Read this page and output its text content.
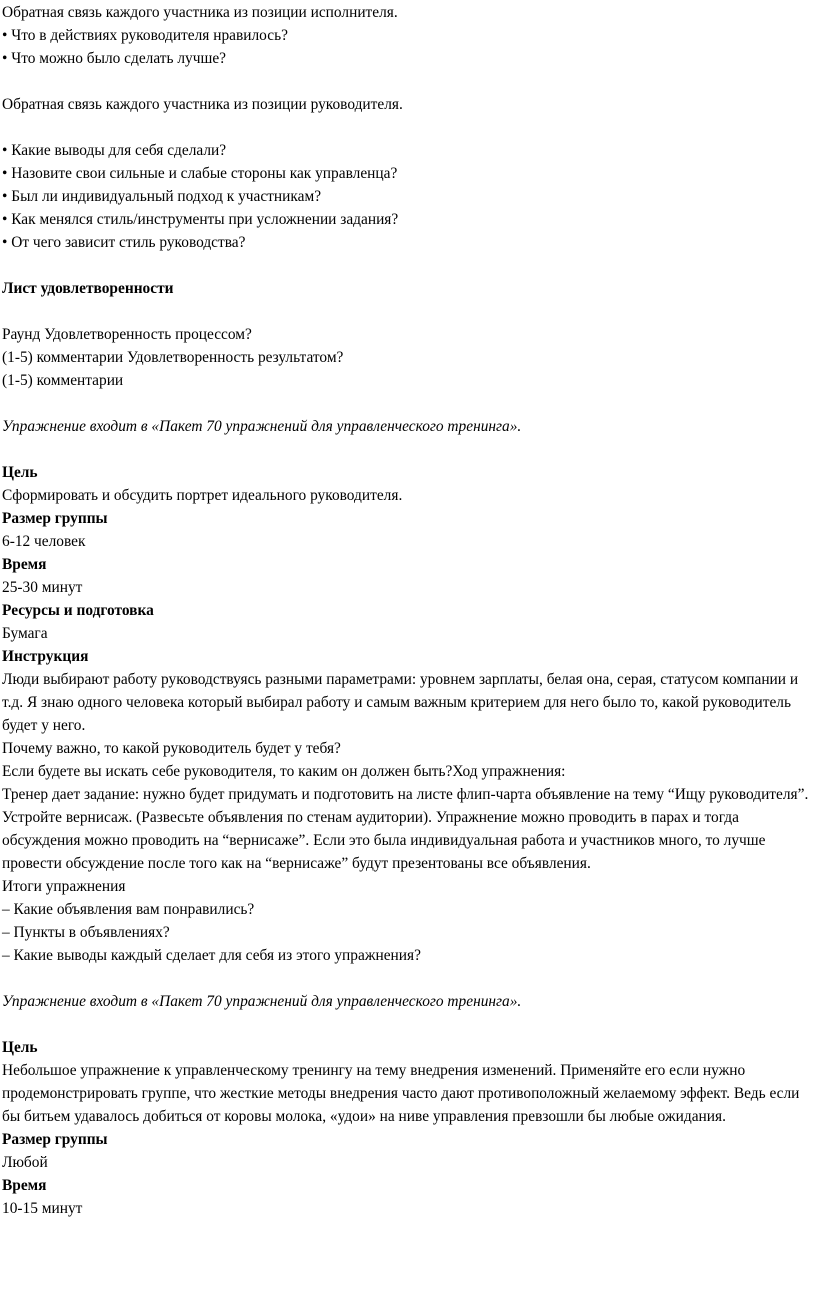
Обратная связь каждого участника из позиции исполнителя.

• Что в действиях руководителя нравилось?

• Что можно было сделать лучше?

Обратная связь каждого участника из позиции руководителя.

• Какие выводы для себя сделали?

• Назовите свои сильные и слабые стороны как управленца?

• Был ли индивидуальный подход к участникам?

• Как менялся стиль/инструменты при усложнении задания?

• От чего зависит стиль руководства?

Лист удовлетворенности

Раунд Удовлетворенность процессом?

(1-5) комментарии Удовлетворенность результатом?

(1-5) комментарии

Упражнение входит в «Пакет 70 упражнений для управленческого тренинга».

Цель

Сформировать и обсудить портрет идеального руководителя.

Размер группы

6-12 человек

Время

25-30 минут

Ресурсы и подготовка

Бумага

Инструкция

Люди выбирают работу руководствуясь разными параметрами: уровнем зарплаты, белая она, серая, статусом компании и т.д. Я знаю одного человека который выбирал работу и самым важным критерием для него было то, какой руководитель будет у него.

Почему важно, то какой руководитель будет у тебя?

Если будете вы искать себе руководителя, то каким он должен быть?Ход упражнения:

Тренер дает задание: нужно будет придумать и подготовить на листе флип-чарта объявление на тему “Ищу руководителя”. Устройте вернисаж. (Развесьте объявления по стенам аудитории). Упражнение можно проводить в парах и тогда обсуждения можно проводить на “вернисаже”. Если это была индивидуальная работа и участников много, то лучше провести обсуждение после того как на “вернисаже” будут презентованы все объявления.

Итоги упражнения

– Какие объявления вам понравились?

– Пункты в объявлениях?

– Какие выводы каждый сделает для себя из этого упражнения?

Упражнение входит в «Пакет 70 упражнений для управленческого тренинга».

Цель

Небольшое упражнение к управленческому тренингу на тему внедрения изменений. Применяйте его если нужно продемонстрировать группе, что жесткие методы внедрения часто дают противоположный желаемому эффект. Ведь если бы битьем удавалось добиться от коровы молока, «удои» на ниве управления превзошли бы любые ожидания.

Размер группы

Любой

Время

10-15 минут
